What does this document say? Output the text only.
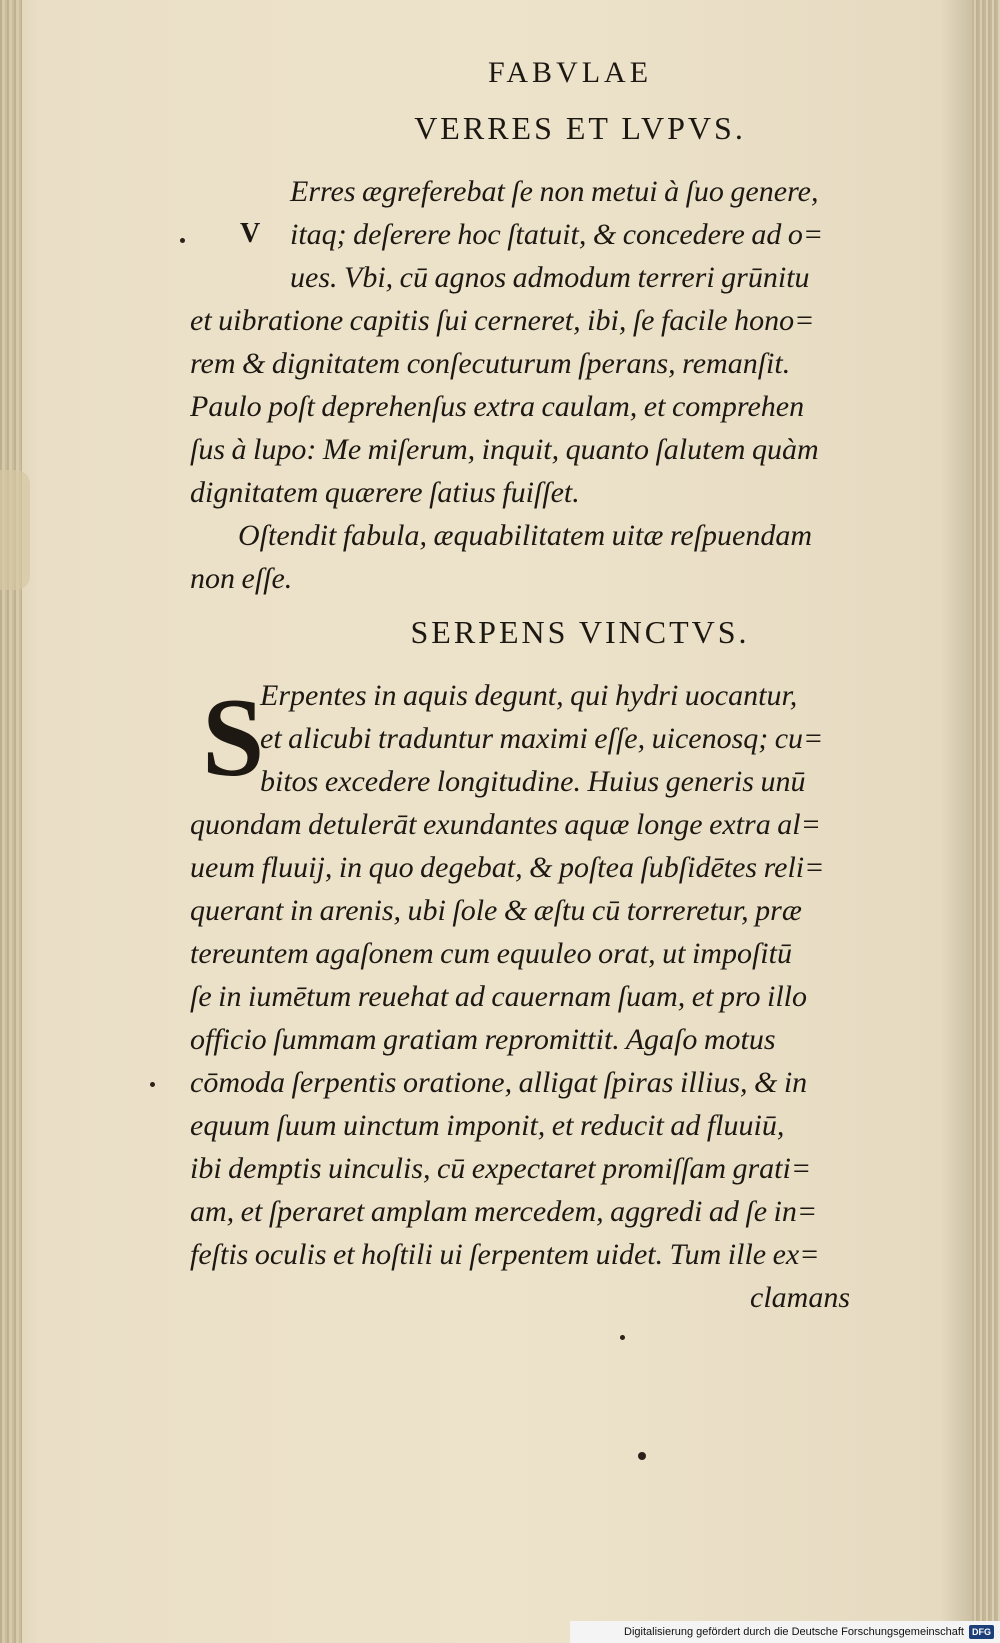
FABVLAE
VERRES ET LVPVS.
V
Erres ægreferebat ſe non metui à ſuo genere,
itaq; deſerere hoc ſtatuit, & concedere ad o=
ues. Vbi, cū agnos admodum terreri grūnitu
et uibratione capitis ſui cerneret, ibi, ſe facile hono=
rem & dignitatem conſecuturum ſperans, remanſit.
Paulo poſt deprehenſus extra caulam, et comprehen
ſus à lupo: Me miſerum, inquit, quanto ſalutem quàm
dignitatem quærere ſatius fuiſſet.
Oſtendit fabula, æquabilitatem uitæ reſpuendam
non eſſe.
SERPENS VINCTVS.
S
Erpentes in aquis degunt, qui hydri uocantur,
et alicubi traduntur maximi eſſe, uicenosq; cu=
bitos excedere longitudine. Huius generis unū
quondam detulerāt exundantes aquæ longe extra al=
ueum fluuij, in quo degebat, & poſtea ſubſidētes reli=
querant in arenis, ubi ſole & æſtu cū torreretur, præ
tereuntem agaſonem cum equuleo orat, ut impoſitū
ſe in iumētum reuehat ad cauernam ſuam, et pro illo
officio ſummam gratiam repromittit. Agaſo motus
cōmoda ſerpentis oratione, alligat ſpiras illius, & in
equum ſuum uinctum imponit, et reducit ad fluuiū,
ibi demptis uinculis, cū expectaret promiſſam grati=
am, et ſperaret amplam mercedem, aggredi ad ſe in=
feſtis oculis et hoſtili ui ſerpentem uidet. Tum ille ex=
clamans
Digitalisierung gefördert durch die Deutsche Forschungsgemeinschaft DFG
